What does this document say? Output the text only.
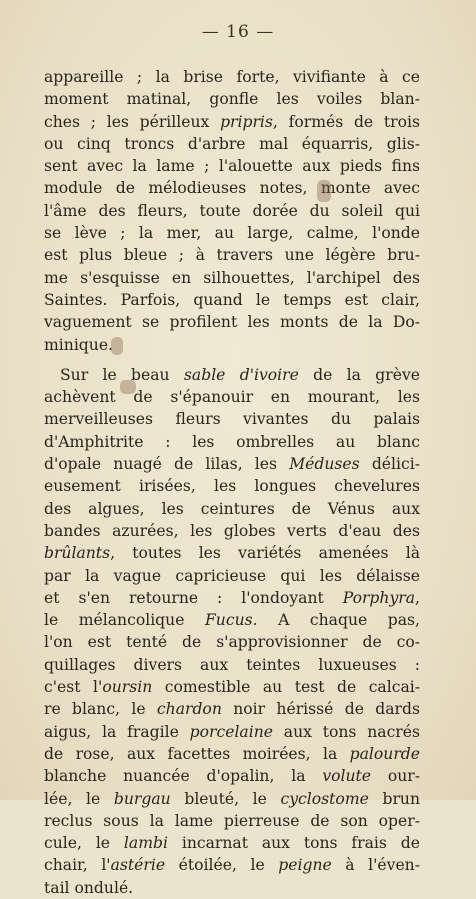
— 16 —
appareille ; la brise forte, vivifiante à ce
moment matinal, gonfle les voiles blan-
ches ; les périlleux pripris, formés de trois
ou cinq troncs d'arbre mal équarris, glis-
sent avec la lame ; l'alouette aux pieds fins
module de mélodieuses notes, monte avec
l'âme des fleurs, toute dorée du soleil qui
se lève ; la mer, au large, calme, l'onde
est plus bleue ; à travers une légère bru-
me s'esquisse en silhouettes, l'archipel des
Saintes. Parfois, quand le temps est clair,
vaguement se profilent les monts de la Do-
minique.
Sur le beau sable d'ivoire de la grève
achèvent de s'épanouir en mourant, les
merveilleuses fleurs vivantes du palais
d'Amphitrite : les ombrelles au blanc
d'opale nuagé de lilas, les Méduses délici-
eusement irisées, les longues chevelures
des algues, les ceintures de Vénus aux
bandes azurées, les globes verts d'eau des
brûlants, toutes les variétés amenées là
par la vague capricieuse qui les délaisse
et s'en retourne : l'ondoyant Porphyra,
le mélancolique Fucus. A chaque pas,
l'on est tenté de s'approvisionner de co-
quillages divers aux teintes luxueuses :
c'est l'oursin comestible au test de calcai-
re blanc, le chardon noir hérissé de dards
aigus, la fragile porcelaine aux tons nacrés
de rose, aux facettes moirées, la palourde
blanche nuancée d'opalin, la volute our-
lée, le burgau bleuté, le cyclostome brun
reclus sous la lame pierreuse de son oper-
cule, le lambi incarnat aux tons frais de
chair, l'astérie étoilée, le peigne à l'éven-
tail ondulé.
